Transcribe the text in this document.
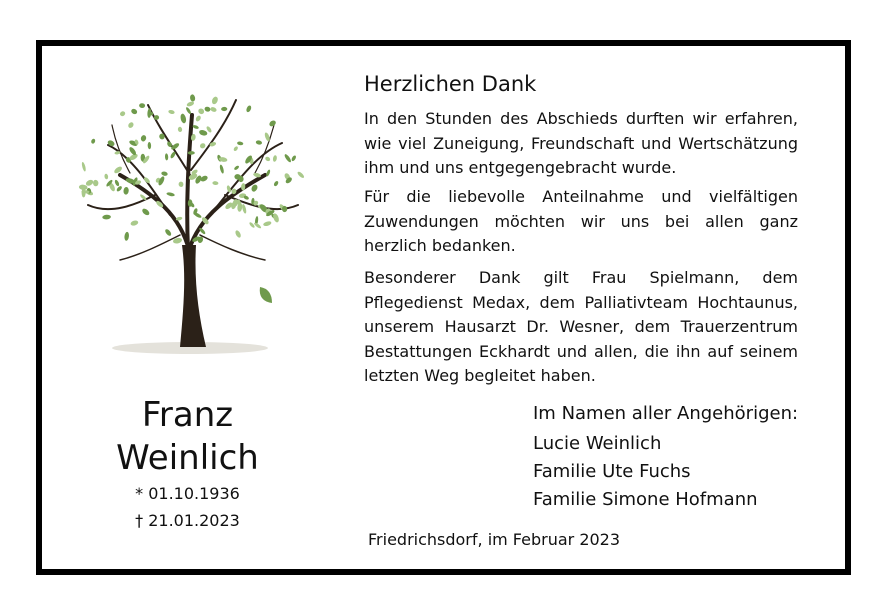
Franz
Weinlich
* 01.10.1936
† 21.01.2023
Herzlichen Dank

In den Stunden des Abschieds durften wir erfahren, wie viel Zuneigung, Freundschaft und Wertschätzung ihm und uns entgegengebracht wurde.

Für die liebevolle Anteilnahme und vielfältigen Zuwendungen möchten wir uns bei allen ganz herzlich bedanken.

Besonderer Dank gilt Frau Spielmann, dem Pflegedienst Medax, dem Palliativteam Hochtaunus, unserem Hausarzt Dr. Wesner, dem Trauerzentrum Bestattungen Eckhardt und allen, die ihn auf seinem letzten Weg begleitet haben.

Im Namen aller Angehörigen:
Lucie Weinlich
Familie Ute Fuchs
Familie Simone Hofmann
Friedrichsdorf, im Februar 2023
